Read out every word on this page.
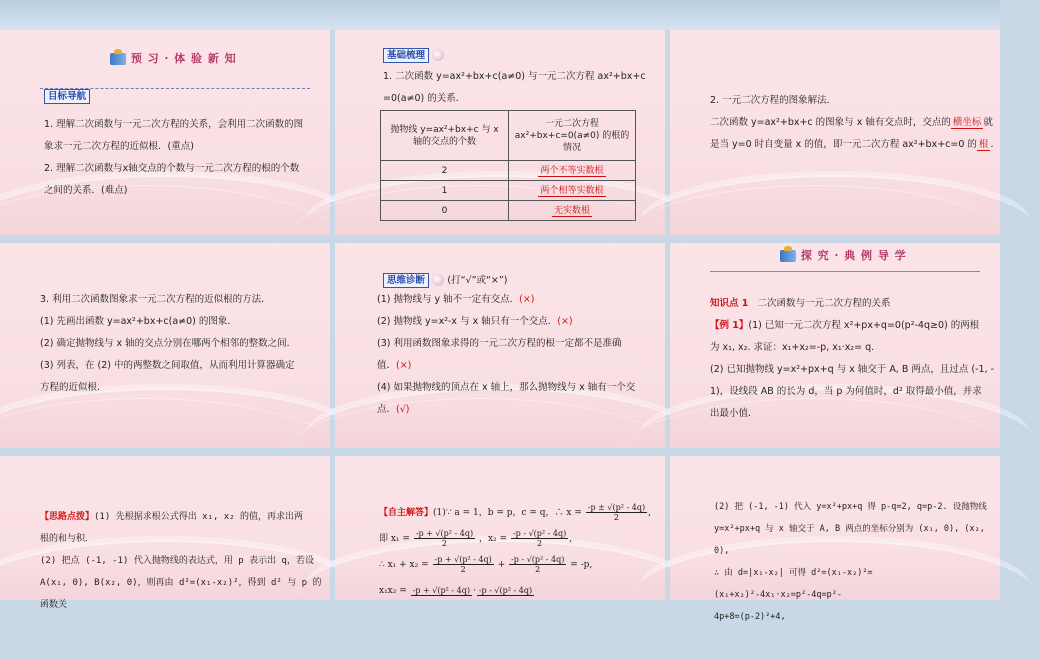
预 习 · 体 验 新 知
目标导航
1. 理解二次函数与一元二次方程的关系，会利用二次函数的图
象求一元二次方程的近似根．(重点)
2. 理解二次函数与x轴交点的个数与一元二次方程的根的个数
之间的关系．(难点)
基础梳理
1. 二次函数 y=ax²+bx+c(a≠0) 与一元二次方程 ax²+bx+c
=0(a≠0) 的关系．
抛物线 y=ax²+bx+c 与 x 轴的交点的个数	一元二次方程 ax²+bx+c=0(a≠0) 的根的情况
2	两个不等实数根
1	两个相等实数根
0	无实数根
2. 一元二次方程的图象解法．
二次函数 y=ax²+bx+c 的图象与 x 轴有交点时，交点的 横坐标 就
是当 y=0 时自变量 x 的值，即一元二次方程 ax²+bx+c=0 的 根 .
3. 利用二次函数图象求一元二次方程的近似根的方法．
(1) 先画出函数 y=ax²+bx+c(a≠0) 的图象．
(2) 确定抛物线与 x 轴的交点分别在哪两个相邻的整数之间．
(3) 列表，在 (2) 中的两整数之间取值，从而利用计算器确定
方程的近似根．
思维诊断 (打“√”或“×”)
(1) 抛物线与 y 轴不一定有交点．(×)
(2) 抛物线 y=x²-x 与 x 轴只有一个交点．(×)
(3) 利用函数图象求得的一元二次方程的根一定都不是准确
值．(×)
(4) 如果抛物线的顶点在 x 轴上，那么抛物线与 x 轴有一个交
点．(√)
探 究 · 典 例 导 学
知识点 1 二次函数与一元二次方程的关系
【例 1】(1) 已知一元二次方程 x²+px+q=0(p²-4q≥0) 的两根
为 x₁, x₂. 求证：x₁+x₂=-p, x₁·x₂= q.
(2) 已知抛物线 y=x²+px+q 与 x 轴交于 A, B 两点，且过点 (-1, -
1)，设线段 AB 的长为 d，当 p 为何值时，d² 取得最小值，并求
出最小值．
【思路点拨】(1) 先根据求根公式得出 x₁, x₂ 的值，再求出两
根的和与积．
(2) 把点 (-1, -1) 代入抛物线的表达式，用 p 表示出 q，若设
A(x₁, 0), B(x₂, 0)，则再由 d²=(x₁-x₂)²，得到 d² 与 p 的函数关
【自主解答】(1)∵ a = 1，b = p，c = q，∴ $x = \frac{\text{-p ± √(p² - 4q)}}{2}$ ,
即 $x_1 = \frac{\text{-p + √(p² - 4q)}}{2}$ ，$x_2 = \frac{\text{-p - √(p² - 4q)}}{2}$ ,
∴ $x_1 + x_2 = \frac{\text{-p + √(p² - 4q)}}{2} + \frac{\text{-p - √(p² - 4q)}}{2} = -p$,
x₁x₂ = -p + √(p² - 4q) · -p - √(p² - 4q)
(2) 把 (-1, -1) 代入 y=x²+px+q 得 p-q=2, q=p-2. 设抛物线
y=x²+px+q 与 x 轴交于 A, B 两点的坐标分别为 (x₁, 0), (x₂, 0),
∴ 由 d=|x₁-x₂| 可得 d²=(x₁-x₂)²=(x₁+x₂)²-4x₁·x₂=p²-4q=p²-
4p+8=(p-2)²+4,
